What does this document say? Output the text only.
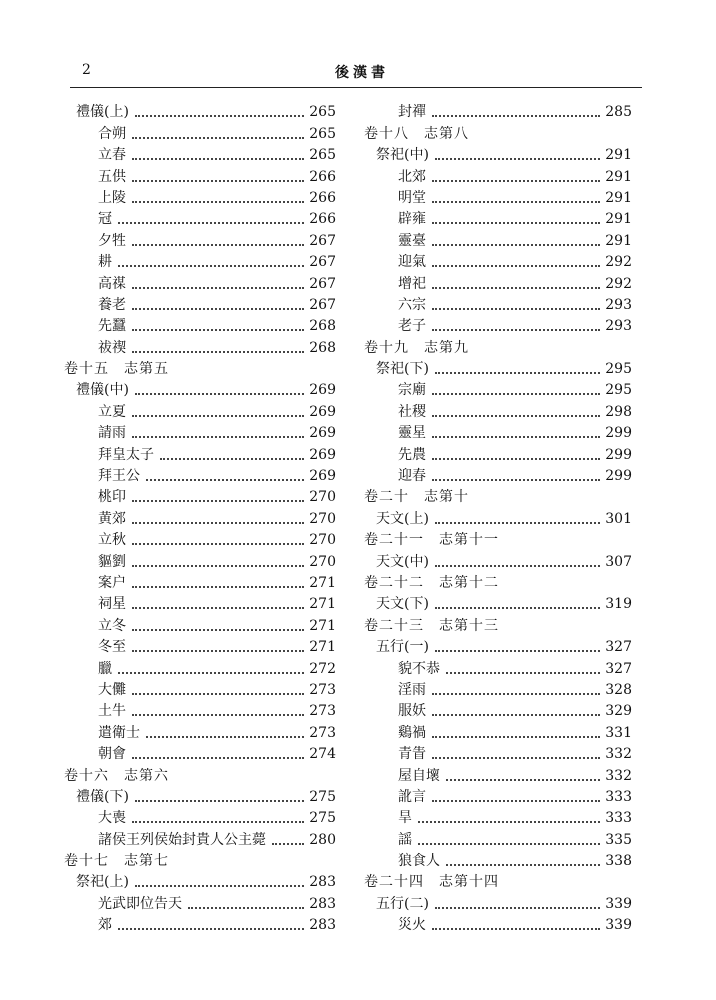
2	後漢書
禮儀(上)	265
合朔	265
立春	265
五供	266
上陵	266
冠	266
夕牲	267
耕	267
高禖	267
養老	267
先蠶	268
祓禊	268
卷十五　志第五
禮儀(中)	269
立夏	269
請雨	269
拜皇太子	269
拜王公	269
桃印	270
黄郊	270
立秋	270
貙劉	270
案户	271
祠星	271
立冬	271
冬至	271
臘	272
大儺	273
土牛	273
遣衛士	273
朝會	274
卷十六　志第六
禮儀(下)	275
大喪	275
諸侯王列侯始封貴人公主薨	280
卷十七　志第七
祭祀(上)	283
光武即位告天	283
郊	283
封禪	285
卷十八　志第八
祭祀(中)	291
北郊	291
明堂	291
辟雍	291
靈臺	291
迎氣	292
增祀	292
六宗	293
老子	293
卷十九　志第九
祭祀(下)	295
宗廟	295
社稷	298
靈星	299
先農	299
迎春	299
卷二十　志第十
天文(上)	301
卷二十一　志第十一
天文(中)	307
卷二十二　志第十二
天文(下)	319
卷二十三　志第十三
五行(一)	327
貌不恭	327
淫雨	328
服妖	329
鷄禍	331
青眚	332
屋自壞	332
訛言	333
旱	333
謡	335
狼食人	338
卷二十四　志第十四
五行(二)	339
災火	339
